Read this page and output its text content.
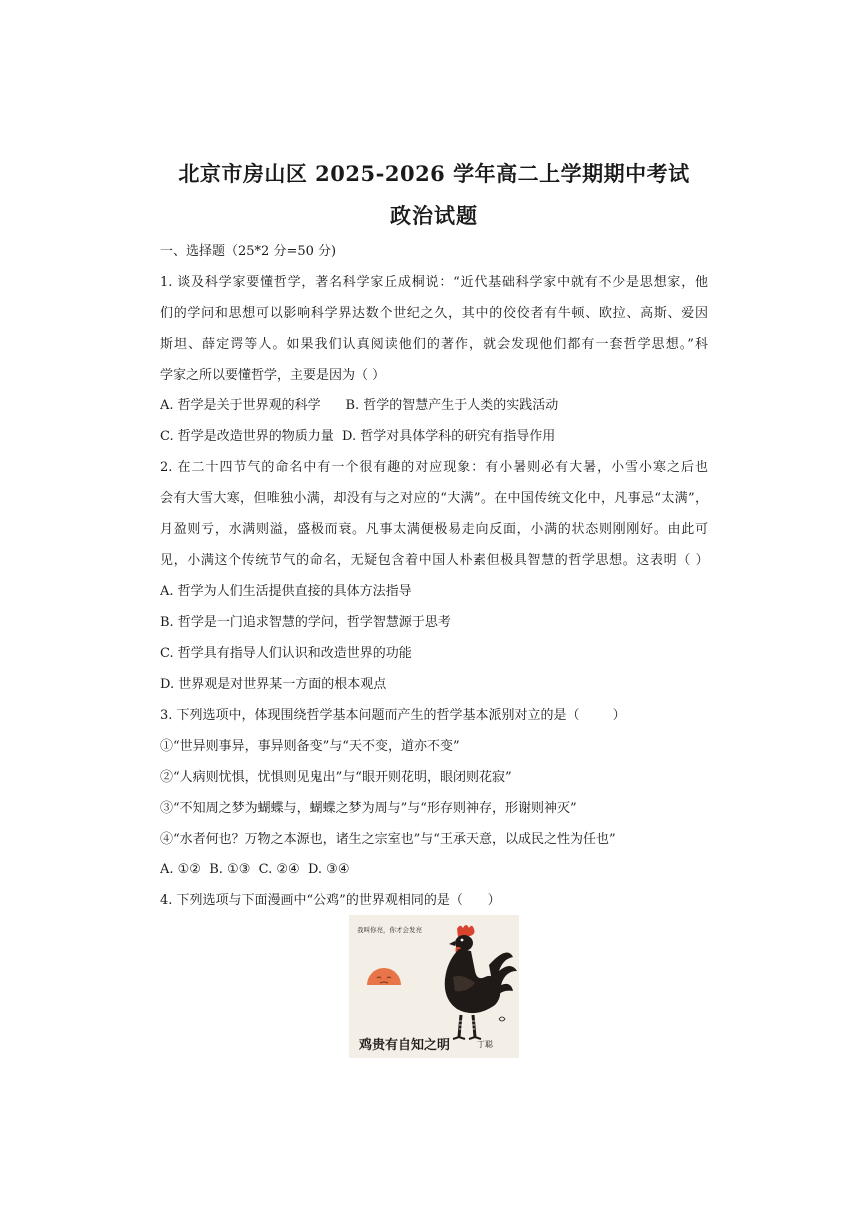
北京市房山区 2025-2026 学年高二上学期期中考试
政治试题
一、选择题（25*2 分=50 分)
1. 谈及科学家要懂哲学，著名科学家丘成桐说：“近代基础科学家中就有不少是思想家，他
们的学问和思想可以影响科学界达数个世纪之久，其中的佼佼者有牛顿、欧拉、高斯、爱因
斯坦、薛定谔等人。如果我们认真阅读他们的著作，就会发现他们都有一套哲学思想。”科
学家之所以要懂哲学，主要是因为（ ）
A. 哲学是关于世界观的科学      B. 哲学的智慧产生于人类的实践活动
C. 哲学是改造世界的物质力量  D. 哲学对具体学科的研究有指导作用
2. 在二十四节气的命名中有一个很有趣的对应现象：有小暑则必有大暑，小雪小寒之后也
会有大雪大寒，但唯独小满，却没有与之对应的“大满”。在中国传统文化中，凡事忌“太满”，
月盈则亏，水满则溢，盛极而衰。凡事太满便极易走向反面，小满的状态则刚刚好。由此可
见，小满这个传统节气的命名，无疑包含着中国人朴素但极具智慧的哲学思想。这表明（ ）
A. 哲学为人们生活提供直接的具体方法指导
B. 哲学是一门追求智慧的学问，哲学智慧源于思考
C. 哲学具有指导人们认识和改造世界的功能
D. 世界观是对世界某一方面的根本观点
3. 下列选项中，体现围绕哲学基本问题而产生的哲学基本派别对立的是（        ）
①“世异则事异，事异则备变”与“天不变，道亦不变”
②“人病则忧惧，忧惧则见鬼出”与“眼开则花明，眼闭则花寂”
③“不知周之梦为蝴蝶与，蝴蝶之梦为周与”与“形存则神存，形谢则神灭”
④“水者何也？万物之本源也，诸生之宗室也”与“王承天意，以成民之性为任也”
A. ①②  B. ①③  C. ②④  D. ③④
4. 下列选项与下面漫画中“公鸡”的世界观相同的是（      ）
我叫你亮，你才会发亮
鸡贵有自知之明	丁聪
